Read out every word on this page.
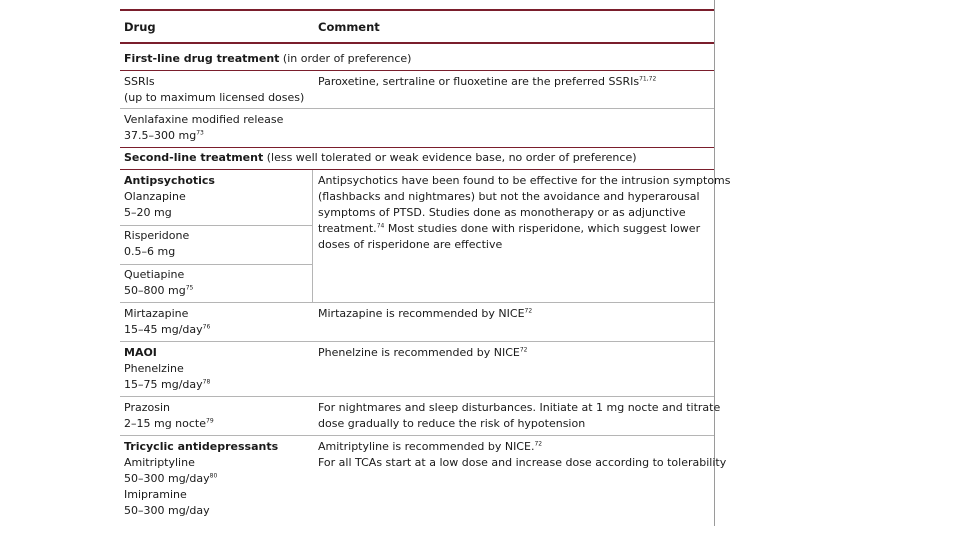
Drug	Comment
First-line drug treatment (in order of preference)
SSRIs
(up to maximum licensed doses)
Paroxetine, sertraline or fluoxetine are the preferred SSRIs$^{71,72}$
Venlafaxine modified release
37.5–300 $mg^{73}$
Second-line treatment (less well tolerated or weak evidence base, no order of preference)
Antipsychotics
Olanzapine
5–20 mg
Risperidone
0.5–6 mg
Quetiapine
50–800 $mg^{75}$
Antipsychotics have been found to be effective for the intrusion symptoms
(flashbacks and nightmares) but not the avoidance and hyperarousal
symptoms of PTSD. Studies done as monotherapy or as adjunctive
treatment.$^{74}$ Most studies done with risperidone, which suggest lower
doses of risperidone are effective
Mirtazapine
15–45 mg/day$^{76}$
Mirtazapine is recommended by NICE$^{72}$
MAOI
Phenelzine
15–75 mg/day$^{78}$
Phenelzine is recommended by NICE$^{72}$
Prazosin
2–15 mg nocte$^{79}$
For nightmares and sleep disturbances. Initiate at 1 mg nocte and titrate
dose gradually to reduce the risk of hypotension
Tricyclic antidepressants
Amitriptyline
50–300 mg/day$^{80}$
Imipramine
50–300 mg/day
Amitriptyline is recommended by NICE.$^{72}$
For all TCAs start at a low dose and increase dose according to tolerability
